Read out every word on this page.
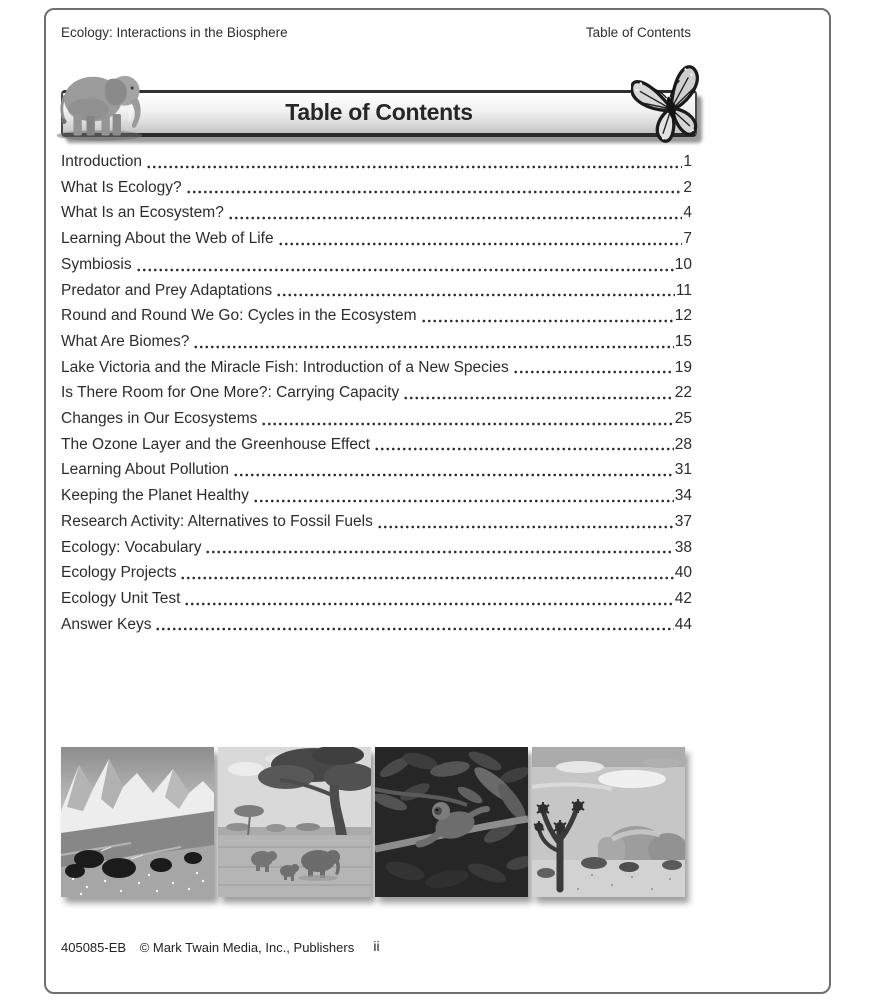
Ecology: Interactions in the Biosphere	Table of Contents
Table of Contents
Introduction	1
What Is Ecology?	2
What Is an Ecosystem?	4
Learning About the Web of Life	7
Symbiosis	10
Predator and Prey Adaptations	11
Round and Round We Go: Cycles in the Ecosystem	12
What Are Biomes?	15
Lake Victoria and the Miracle Fish: Introduction of a New Species	19
Is There Room for One More?: Carrying Capacity	22
Changes in Our Ecosystems	25
The Ozone Layer and the Greenhouse Effect	28
Learning About Pollution	31
Keeping the Planet Healthy	34
Research Activity: Alternatives to Fossil Fuels	37
Ecology: Vocabulary	38
Ecology Projects	40
Ecology Unit Test	42
Answer Keys	44
405085-EB © Mark Twain Media, Inc., Publishers	ii
